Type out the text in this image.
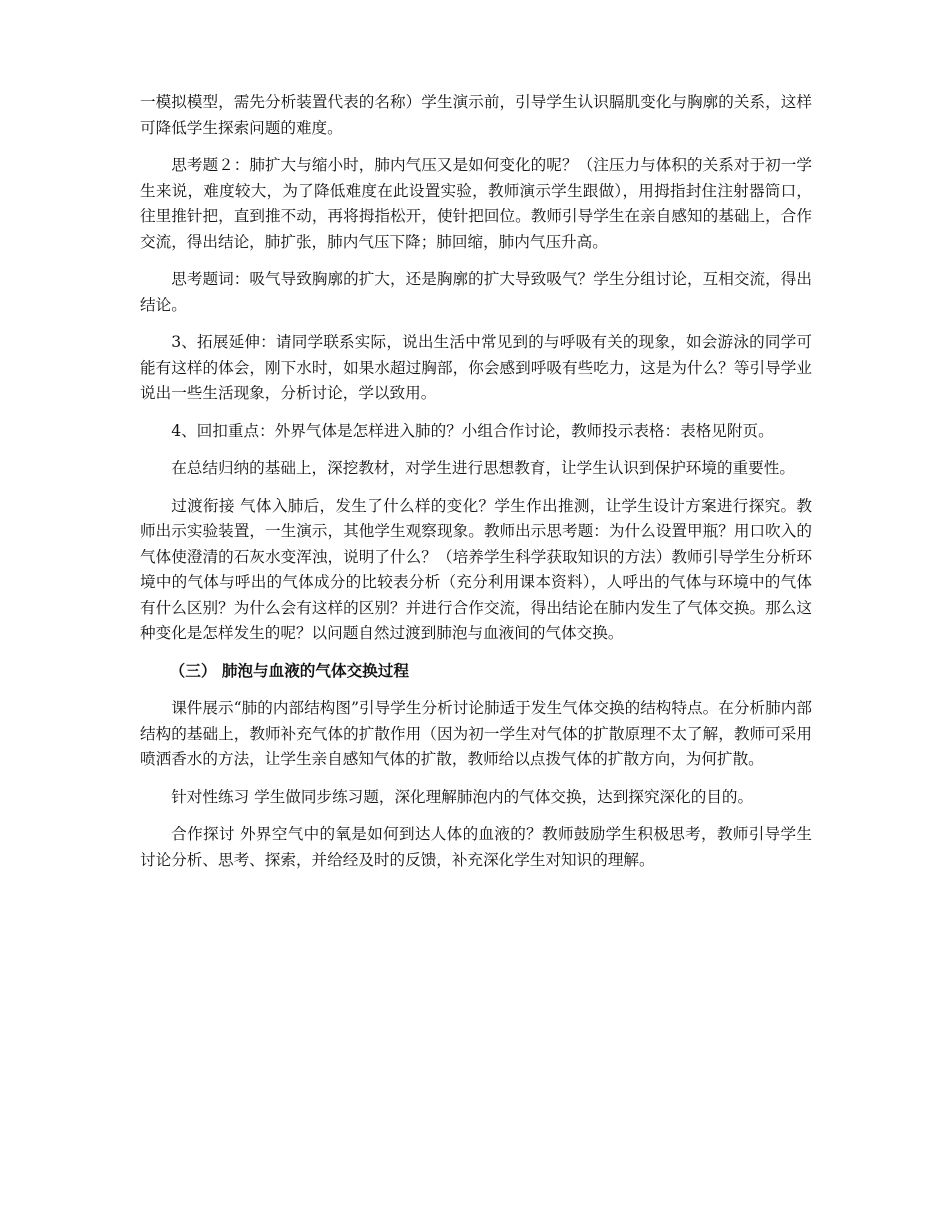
一模拟模型，需先分析装置代表的名称）学生演示前，引导学生认识膈肌变化与胸廓的关系，这样可降低学生探索问题的难度。

思考题２：肺扩大与缩小时，肺内气压又是如何变化的呢？（注压力与体积的关系对于初一学生来说，难度较大，为了降低难度在此设置实验，教师演示学生跟做），用拇指封住注射器筒口，往里推针把，直到推不动，再将拇指松开，使针把回位。教师引导学生在亲自感知的基础上，合作交流，得出结论，肺扩张，肺内气压下降；肺回缩，肺内气压升高。

思考题词：吸气导致胸廓的扩大，还是胸廓的扩大导致吸气？学生分组讨论，互相交流，得出结论。

3、拓展延伸：请同学联系实际，说出生活中常见到的与呼吸有关的现象，如会游泳的同学可能有这样的体会，刚下水时，如果水超过胸部，你会感到呼吸有些吃力，这是为什么？等引导学业说出一些生活现象，分析讨论，学以致用。

4、回扣重点：外界气体是怎样进入肺的？小组合作讨论，教师投示表格：表格见附页。

在总结归纳的基础上，深挖教材，对学生进行思想教育，让学生认识到保护环境的重要性。

过渡衔接 气体入肺后，发生了什么样的变化？学生作出推测，让学生设计方案进行探究。教师出示实验装置，一生演示，其他学生观察现象。教师出示思考题：为什么设置甲瓶？用口吹入的气体使澄清的石灰水变浑浊，说明了什么？（培养学生科学获取知识的方法）教师引导学生分析环境中的气体与呼出的气体成分的比较表分析（充分利用课本资料），人呼出的气体与环境中的气体有什么区别？为什么会有这样的区别？并进行合作交流，得出结论在肺内发生了气体交换。那么这种变化是怎样发生的呢？以问题自然过渡到肺泡与血液间的气体交换。

（三） 肺泡与血液的气体交换过程

课件展示“肺的内部结构图”引导学生分析讨论肺适于发生气体交换的结构特点。在分析肺内部结构的基础上，教师补充气体的扩散作用（因为初一学生对气体的扩散原理不太了解，教师可采用喷洒香水的方法，让学生亲自感知气体的扩散，教师给以点拨气体的扩散方向，为何扩散。

针对性练习 学生做同步练习题，深化理解肺泡内的气体交换，达到探究深化的目的。

合作探讨 外界空气中的氧是如何到达人体的血液的？教师鼓励学生积极思考，教师引导学生讨论分析、思考、探索，并给经及时的反馈，补充深化学生对知识的理解。
